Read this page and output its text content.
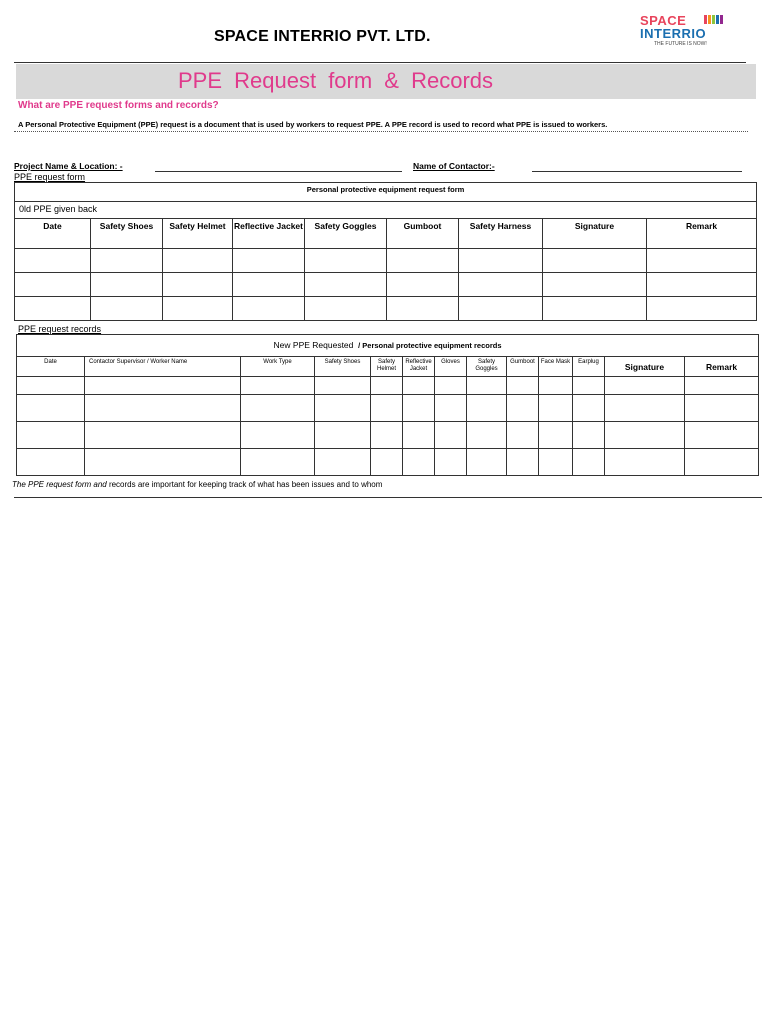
SPACE INTERRIO PVT. LTD.
SPACE
INTERRIO
THE FUTURE IS NOW!
PPE Request form & Records
What are PPE request forms and records?
A Personal Protective Equipment (PPE) request is a document that is used by workers to request PPE. A PPE record is used to record what PPE is issued to workers.
Project Name & Location: -	Name of Contactor:-
PPE request form
Personal protective equipment request form								
0ld PPE given back								
Date	Safety Shoes	Safety Helmet	Reflective Jacket	Safety Goggles	Gumboot	Safety Harness	Signature	Remark

PPE request records
New PPE Requested / Personal protective equipment records												
Date	Contactor Supervisor / Worker Name	Work Type	Safety Shoes	Safety Helmet	Reflective Jacket	Gloves	Safety Goggles	Gumboot	Face Mask	Earplug	Signature	Remark

The PPE request form and records are important for keeping track of what has been issues and to whom
